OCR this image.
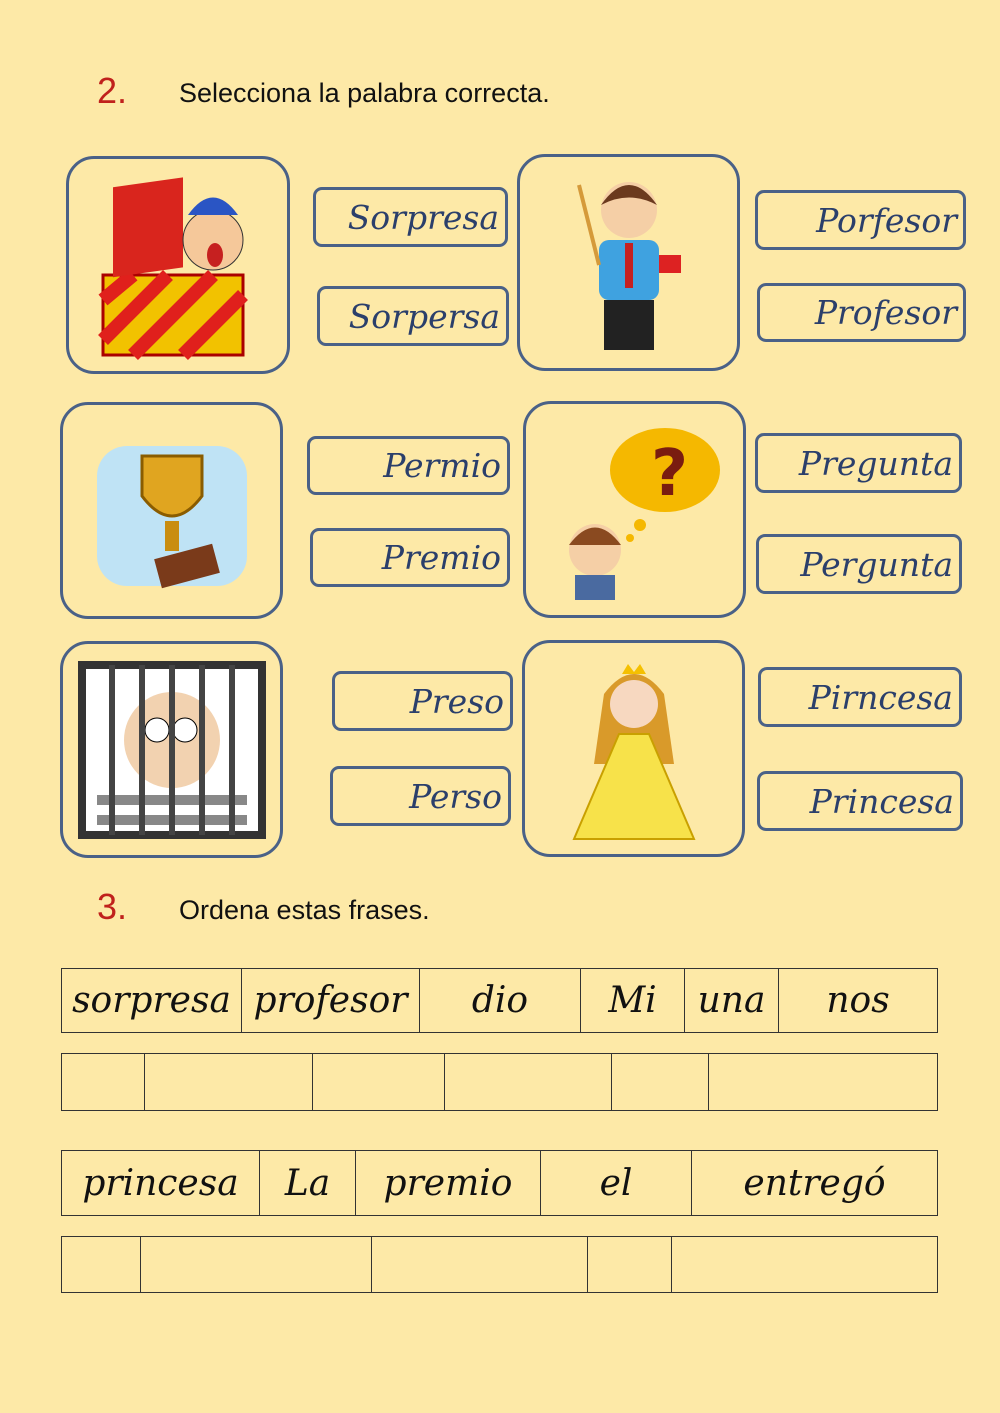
2. Selecciona la palabra correcta.
?
Sorpresa
Sorpersa
Porfesor
Profesor
Permio
Premio
Pregunta
Pergunta
Preso
Perso
Pirncesa
Princesa
3. Ordena estas frases.
sorpresa	profesor	dio	Mi	una	nos

princesa	La	premio	el	entregó
